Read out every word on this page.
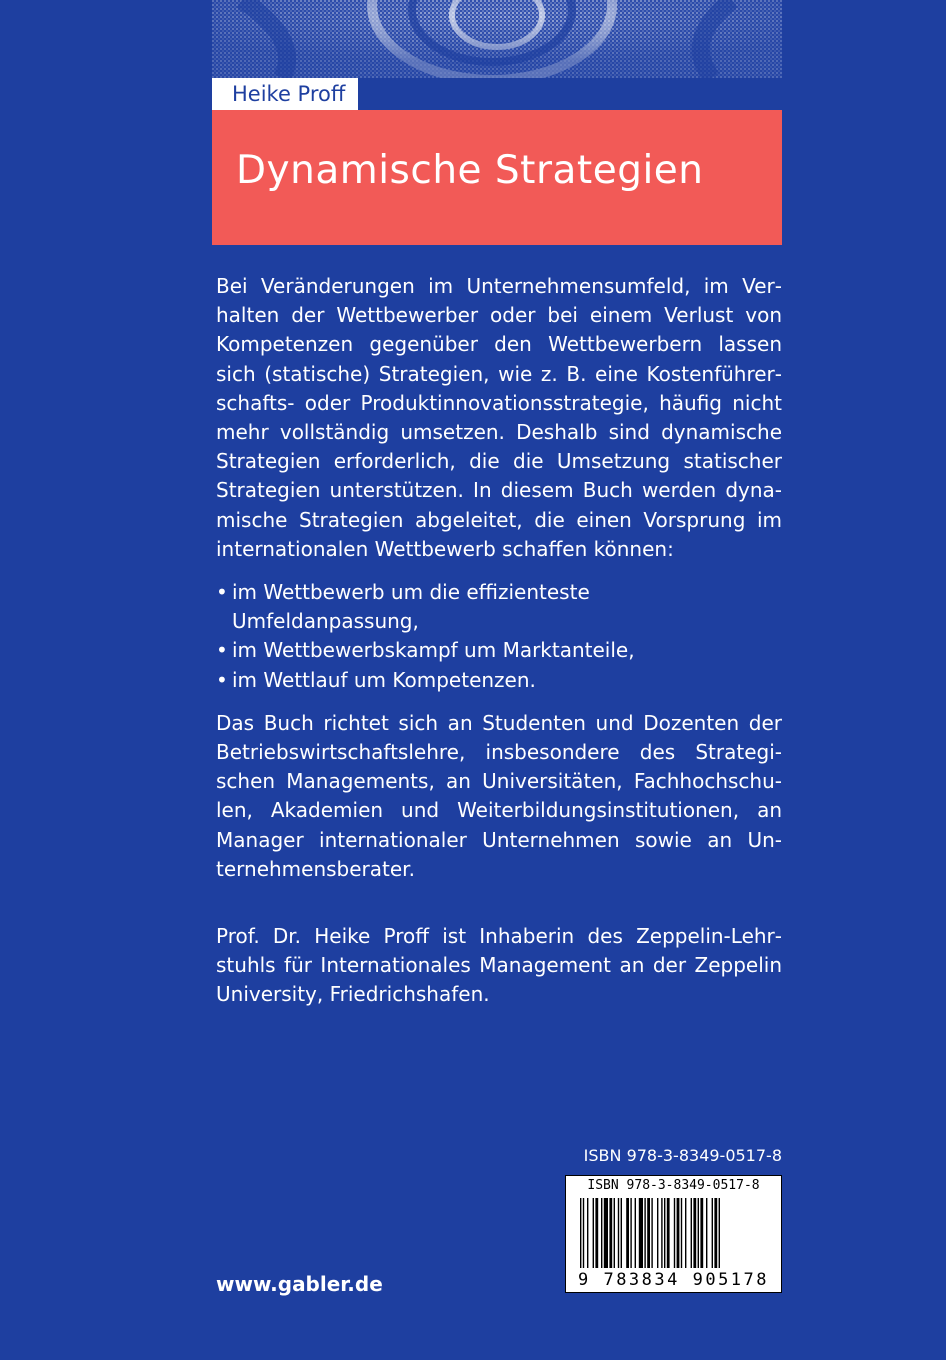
Heike Proff
Dynamische Strategien

Bei Veränderungen im Unternehmensumfeld, im Verhalten der Wettbewerber oder bei einem Verlust von Kompetenzen gegenüber den Wettbewerbern lassen sich (statische) Strategien, wie z. B. eine Kostenführerschafts- oder Produktinnovationsstrategie, häufig nicht mehr vollständig umsetzen. Deshalb sind dynamische Strategien erforderlich, die die Umsetzung statischer Strategien unterstützen. In diesem Buch werden dynamische Strategien abgeleitet, die einen Vorsprung im internationalen Wettbewerb schaffen können:

• im Wettbewerb um die effizienteste Umfeldanpassung,
• im Wettbewerbskampf um Marktanteile,
• im Wettlauf um Kompetenzen.

Das Buch richtet sich an Studenten und Dozenten der Betriebswirtschaftslehre, insbesondere des Strategischen Managements, an Universitäten, Fachhochschulen, Akademien und Weiterbildungsinstitutionen, an Manager internationaler Unternehmen sowie an Unternehmensberater.

Prof. Dr. Heike Proff ist Inhaberin des Zeppelin-Lehrstuhls für Internationales Management an der Zeppelin University, Friedrichshafen.

ISBN 978-3-8349-0517-8
ISBN 978-3-8349-0517-8
9 783834 905178
www.gabler.de
